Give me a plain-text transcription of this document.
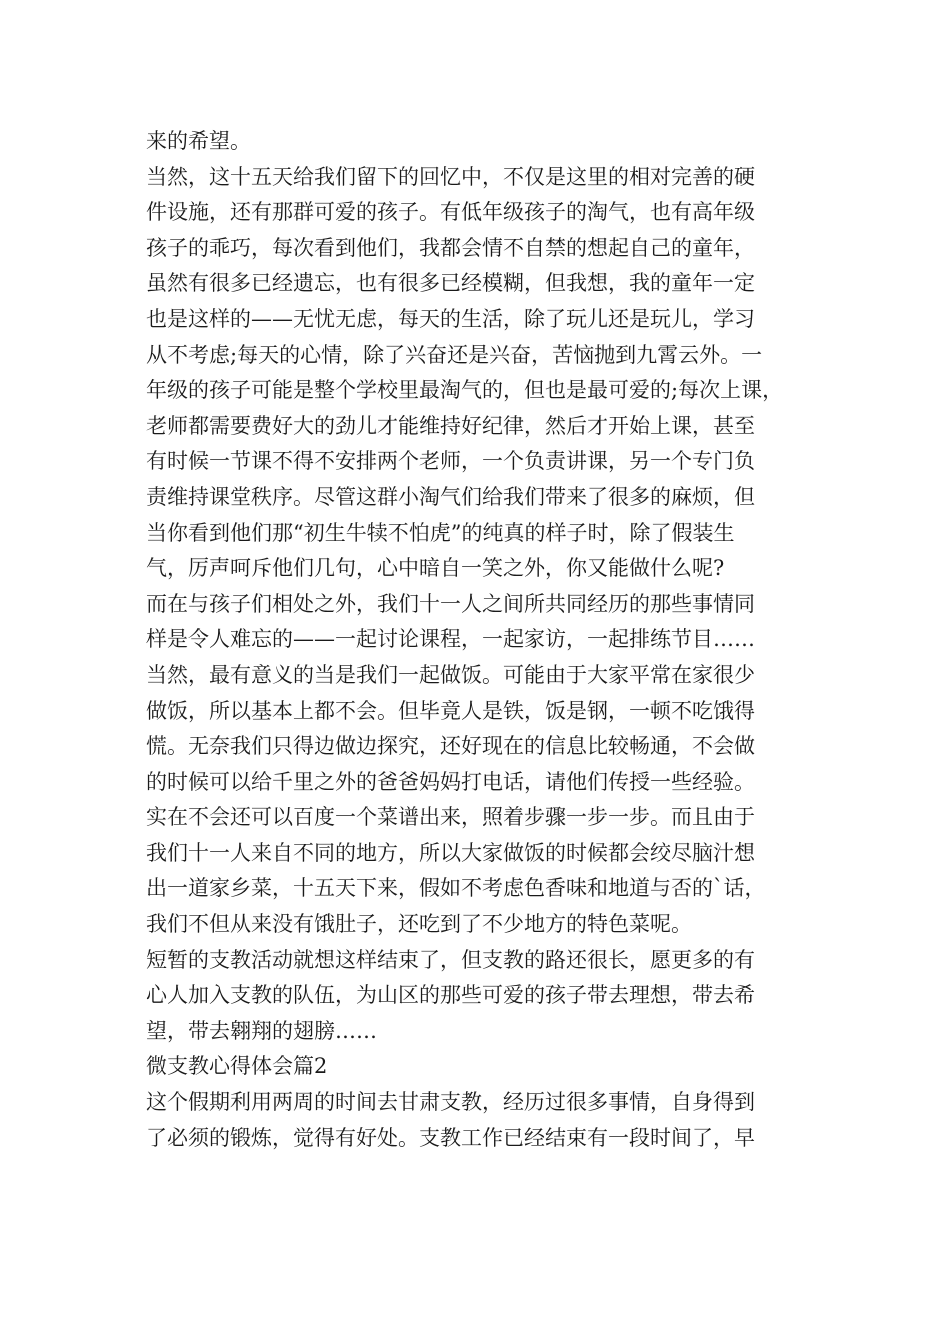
来的希望。
当然，这十五天给我们留下的回忆中，不仅是这里的相对完善的硬
件设施，还有那群可爱的孩子。有低年级孩子的淘气，也有高年级
孩子的乖巧，每次看到他们，我都会情不自禁的想起自己的童年，
虽然有很多已经遗忘，也有很多已经模糊，但我想，我的童年一定
也是这样的——无忧无虑，每天的生活，除了玩儿还是玩儿，学习
从不考虑;每天的心情，除了兴奋还是兴奋，苦恼抛到九霄云外。一
年级的孩子可能是整个学校里最淘气的，但也是最可爱的;每次上课，
老师都需要费好大的劲儿才能维持好纪律，然后才开始上课，甚至
有时候一节课不得不安排两个老师，一个负责讲课，另一个专门负
责维持课堂秩序。尽管这群小淘气们给我们带来了很多的麻烦，但
当你看到他们那“初生牛犊不怕虎”的纯真的样子时，除了假装生
气，厉声呵斥他们几句，心中暗自一笑之外，你又能做什么呢?
而在与孩子们相处之外，我们十一人之间所共同经历的那些事情同
样是令人难忘的——一起讨论课程，一起家访，一起排练节目……
当然，最有意义的当是我们一起做饭。可能由于大家平常在家很少
做饭，所以基本上都不会。但毕竟人是铁，饭是钢，一顿不吃饿得
慌。无奈我们只得边做边探究，还好现在的信息比较畅通，不会做
的时候可以给千里之外的爸爸妈妈打电话，请他们传授一些经验。
实在不会还可以百度一个菜谱出来，照着步骤一步一步。而且由于
我们十一人来自不同的地方，所以大家做饭的时候都会绞尽脑汁想
出一道家乡菜，十五天下来，假如不考虑色香味和地道与否的`话，
我们不但从来没有饿肚子，还吃到了不少地方的特色菜呢。
短暂的支教活动就想这样结束了，但支教的路还很长，愿更多的有
心人加入支教的队伍，为山区的那些可爱的孩子带去理想，带去希
望，带去翱翔的翅膀……
微支教心得体会篇2
这个假期利用两周的时间去甘肃支教，经历过很多事情，自身得到
了必须的锻炼，觉得有好处。支教工作已经结束有一段时间了，早
